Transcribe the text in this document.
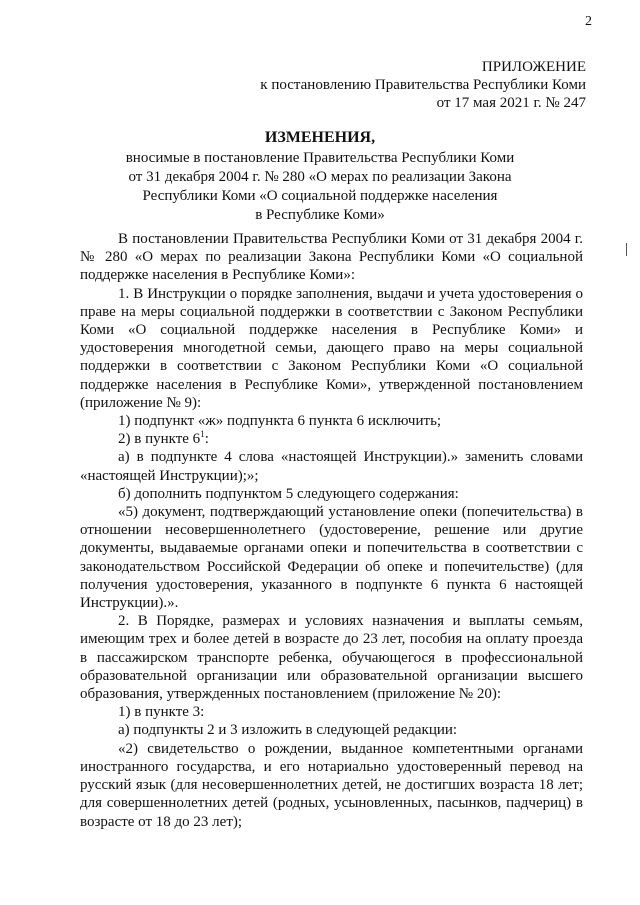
2
ПРИЛОЖЕНИЕ
к постановлению Правительства Республики Коми
от 17 мая 2021 г. № 247
ИЗМЕНЕНИЯ,
вносимые в постановление Правительства Республики Коми
от 31 декабря 2004 г. № 280 «О мерах по реализации Закона
Республики Коми «О социальной поддержке населения
в Республике Коми»

В постановлении Правительства Республики Коми от 31 декабря 2004 г. № 280 «О мерах по реализации Закона Республики Коми «О социальной поддержке населения в Республике Коми»:

1. В Инструкции о порядке заполнения, выдачи и учета удостоверения о праве на меры социальной поддержки в соответствии с Законом Республики Коми «О социальной поддержке населения в Республике Коми» и удостоверения многодетной семьи, дающего право на меры социальной поддержки в соответствии с Законом Республики Коми «О социальной поддержке населения в Республике Коми», утвержденной постановлением (приложение № 9):

1) подпункт «ж» подпункта 6 пункта 6 исключить;

2) в пункте $6^1$:

а) в подпункте 4 слова «настоящей Инструкции).» заменить словами «настоящей Инструкции);»;

б) дополнить подпунктом 5 следующего содержания:

«5) документ, подтверждающий установление опеки (попечительства) в отношении несовершеннолетнего (удостоверение, решение или другие документы, выдаваемые органами опеки и попечительства в соответствии с законодательством Российской Федерации об опеке и попечительстве) (для получения удостоверения, указанного в подпункте 6 пункта 6 настоящей Инструкции).».

2. В Порядке, размерах и условиях назначения и выплаты семьям, имеющим трех и более детей в возрасте до 23 лет, пособия на оплату проезда в пассажирском транспорте ребенка, обучающегося в профессиональной образовательной организации или образовательной организации высшего образования, утвержденных постановлением (приложение № 20):

1) в пункте 3:

а) подпункты 2 и 3 изложить в следующей редакции:

«2) свидетельство о рождении, выданное компетентными органами иностранного государства, и его нотариально удостоверенный перевод на русский язык (для несовершеннолетних детей, не достигших возраста 18 лет; для совершеннолетних детей (родных, усыновленных, пасынков, падчериц) в возрасте от 18 до 23 лет);
